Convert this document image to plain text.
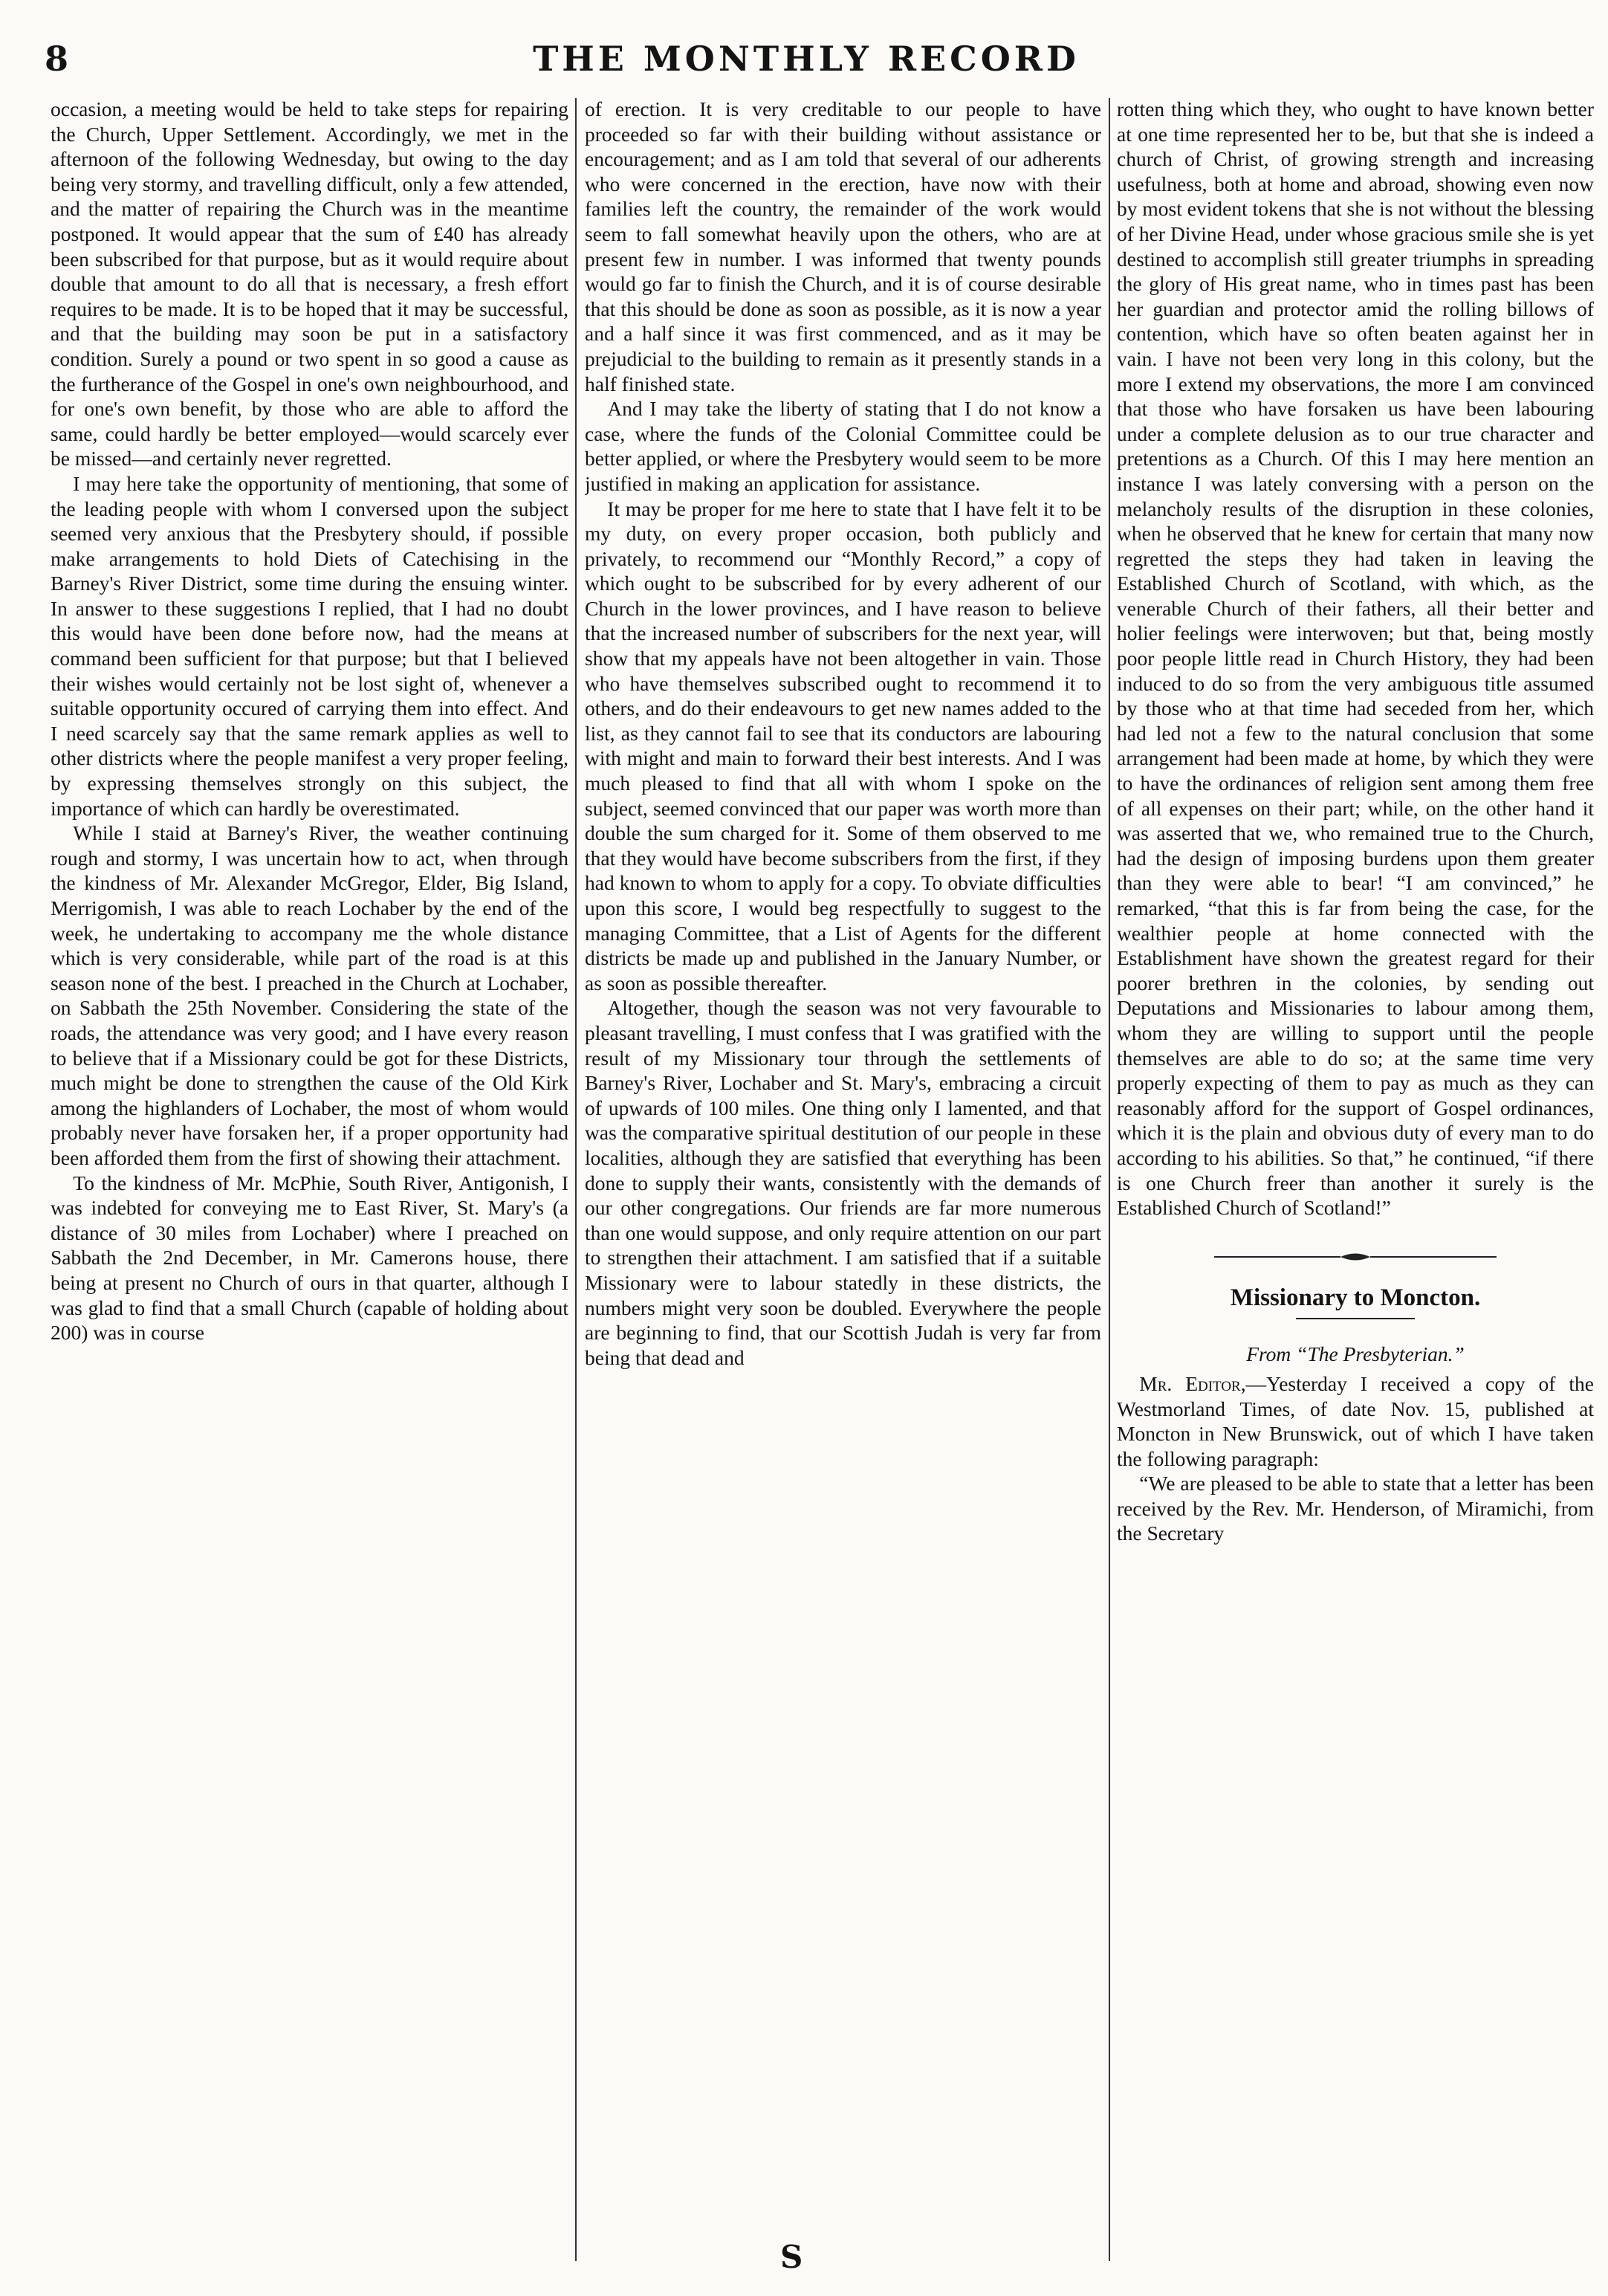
8	THE MONTHLY RECORD

occasion, a meeting would be held to take steps for repairing the Church, Upper Settlement. Accordingly, we met in the afternoon of the following Wednesday, but owing to the day being very stormy, and travelling difficult, only a few attended, and the matter of repairing the Church was in the meantime postponed. It would appear that the sum of £40 has already been subscribed for that purpose, but as it would require about double that amount to do all that is necessary, a fresh effort requires to be made. It is to be hoped that it may be successful, and that the building may soon be put in a satisfactory condition. Surely a pound or two spent in so good a cause as the furtherance of the Gospel in one's own neighbourhood, and for one's own benefit, by those who are able to afford the same, could hardly be better employed—would scarcely ever be missed—and certainly never regretted.

I may here take the opportunity of mentioning, that some of the leading people with whom I conversed upon the subject seemed very anxious that the Presbytery should, if possible make arrangements to hold Diets of Catechising in the Barney's River District, some time during the ensuing winter. In answer to these suggestions I replied, that I had no doubt this would have been done before now, had the means at command been sufficient for that purpose; but that I believed their wishes would certainly not be lost sight of, whenever a suitable opportunity occured of carrying them into effect. And I need scarcely say that the same remark applies as well to other districts where the people manifest a very proper feeling, by expressing themselves strongly on this subject, the importance of which can hardly be overestimated.

While I staid at Barney's River, the weather continuing rough and stormy, I was uncertain how to act, when through the kindness of Mr. Alexander McGregor, Elder, Big Island, Merrigomish, I was able to reach Lochaber by the end of the week, he undertaking to accompany me the whole distance which is very considerable, while part of the road is at this season none of the best. I preached in the Church at Lochaber, on Sabbath the 25th November. Considering the state of the roads, the attendance was very good; and I have every reason to believe that if a Missionary could be got for these Districts, much might be done to strengthen the cause of the Old Kirk among the highlanders of Lochaber, the most of whom would probably never have forsaken her, if a proper opportunity had been afforded them from the first of showing their attachment.

To the kindness of Mr. McPhie, South River, Antigonish, I was indebted for conveying me to East River, St. Mary's (a distance of 30 miles from Lochaber) where I preached on Sabbath the 2nd December, in Mr. Camerons house, there being at present no Church of ours in that quarter, although I was glad to find that a small Church (capable of holding about 200) was in course

of erection. It is very creditable to our people to have proceeded so far with their building without assistance or encouragement; and as I am told that several of our adherents who were concerned in the erection, have now with their families left the country, the remainder of the work would seem to fall somewhat heavily upon the others, who are at present few in number. I was informed that twenty pounds would go far to finish the Church, and it is of course desirable that this should be done as soon as possible, as it is now a year and a half since it was first commenced, and as it may be prejudicial to the building to remain as it presently stands in a half finished state.

And I may take the liberty of stating that I do not know a case, where the funds of the Colonial Committee could be better applied, or where the Presbytery would seem to be more justified in making an application for assistance.

It may be proper for me here to state that I have felt it to be my duty, on every proper occasion, both publicly and privately, to recommend our “Monthly Record,” a copy of which ought to be subscribed for by every adherent of our Church in the lower provinces, and I have reason to believe that the increased number of subscribers for the next year, will show that my appeals have not been altogether in vain. Those who have themselves subscribed ought to recommend it to others, and do their endeavours to get new names added to the list, as they cannot fail to see that its conductors are labouring with might and main to forward their best interests. And I was much pleased to find that all with whom I spoke on the subject, seemed convinced that our paper was worth more than double the sum charged for it. Some of them observed to me that they would have become subscribers from the first, if they had known to whom to apply for a copy. To obviate difficulties upon this score, I would beg respectfully to suggest to the managing Committee, that a List of Agents for the different districts be made up and published in the January Number, or as soon as possible thereafter.

Altogether, though the season was not very favourable to pleasant travelling, I must confess that I was gratified with the result of my Missionary tour through the settlements of Barney's River, Lochaber and St. Mary's, embracing a circuit of upwards of 100 miles. One thing only I lamented, and that was the comparative spiritual destitution of our people in these localities, although they are satisfied that everything has been done to supply their wants, consistently with the demands of our other congregations. Our friends are far more numerous than one would suppose, and only require attention on our part to strengthen their attachment. I am satisfied that if a suitable Missionary were to labour statedly in these districts, the numbers might very soon be doubled. Everywhere the people are beginning to find, that our Scottish Judah is very far from being that dead and

rotten thing which they, who ought to have known better at one time represented her to be, but that she is indeed a church of Christ, of growing strength and increasing usefulness, both at home and abroad, showing even now by most evident tokens that she is not without the blessing of her Divine Head, under whose gracious smile she is yet destined to accomplish still greater triumphs in spreading the glory of His great name, who in times past has been her guardian and protector amid the rolling billows of contention, which have so often beaten against her in vain. I have not been very long in this colony, but the more I extend my observations, the more I am convinced that those who have forsaken us have been labouring under a complete delusion as to our true character and pretentions as a Church. Of this I may here mention an instance I was lately conversing with a person on the melancholy results of the disruption in these colonies, when he observed that he knew for certain that many now regretted the steps they had taken in leaving the Established Church of Scotland, with which, as the venerable Church of their fathers, all their better and holier feelings were interwoven; but that, being mostly poor people little read in Church History, they had been induced to do so from the very ambiguous title assumed by those who at that time had seceded from her, which had led not a few to the natural conclusion that some arrangement had been made at home, by which they were to have the ordinances of religion sent among them free of all expenses on their part; while, on the other hand it was asserted that we, who remained true to the Church, had the design of imposing burdens upon them greater than they were able to bear! “I am convinced,” he remarked, “that this is far from being the case, for the wealthier people at home connected with the Establishment have shown the greatest regard for their poorer brethren in the colonies, by sending out Deputations and Missionaries to labour among them, whom they are willing to support until the people themselves are able to do so; at the same time very properly expecting of them to pay as much as they can reasonably afford for the support of Gospel ordinances, which it is the plain and obvious duty of every man to do according to his abilities. So that,” he continued, “if there is one Church freer than another it surely is the Established Church of Scotland!”

Missionary to Moncton.
From “The Presbyterian.”

Mr. Editor,—Yesterday I received a copy of the Westmorland Times, of date Nov. 15, published at Moncton in New Brunswick, out of which I have taken the following paragraph:

“We are pleased to be able to state that a letter has been received by the Rev. Mr. Henderson, of Miramichi, from the Secretary

S
